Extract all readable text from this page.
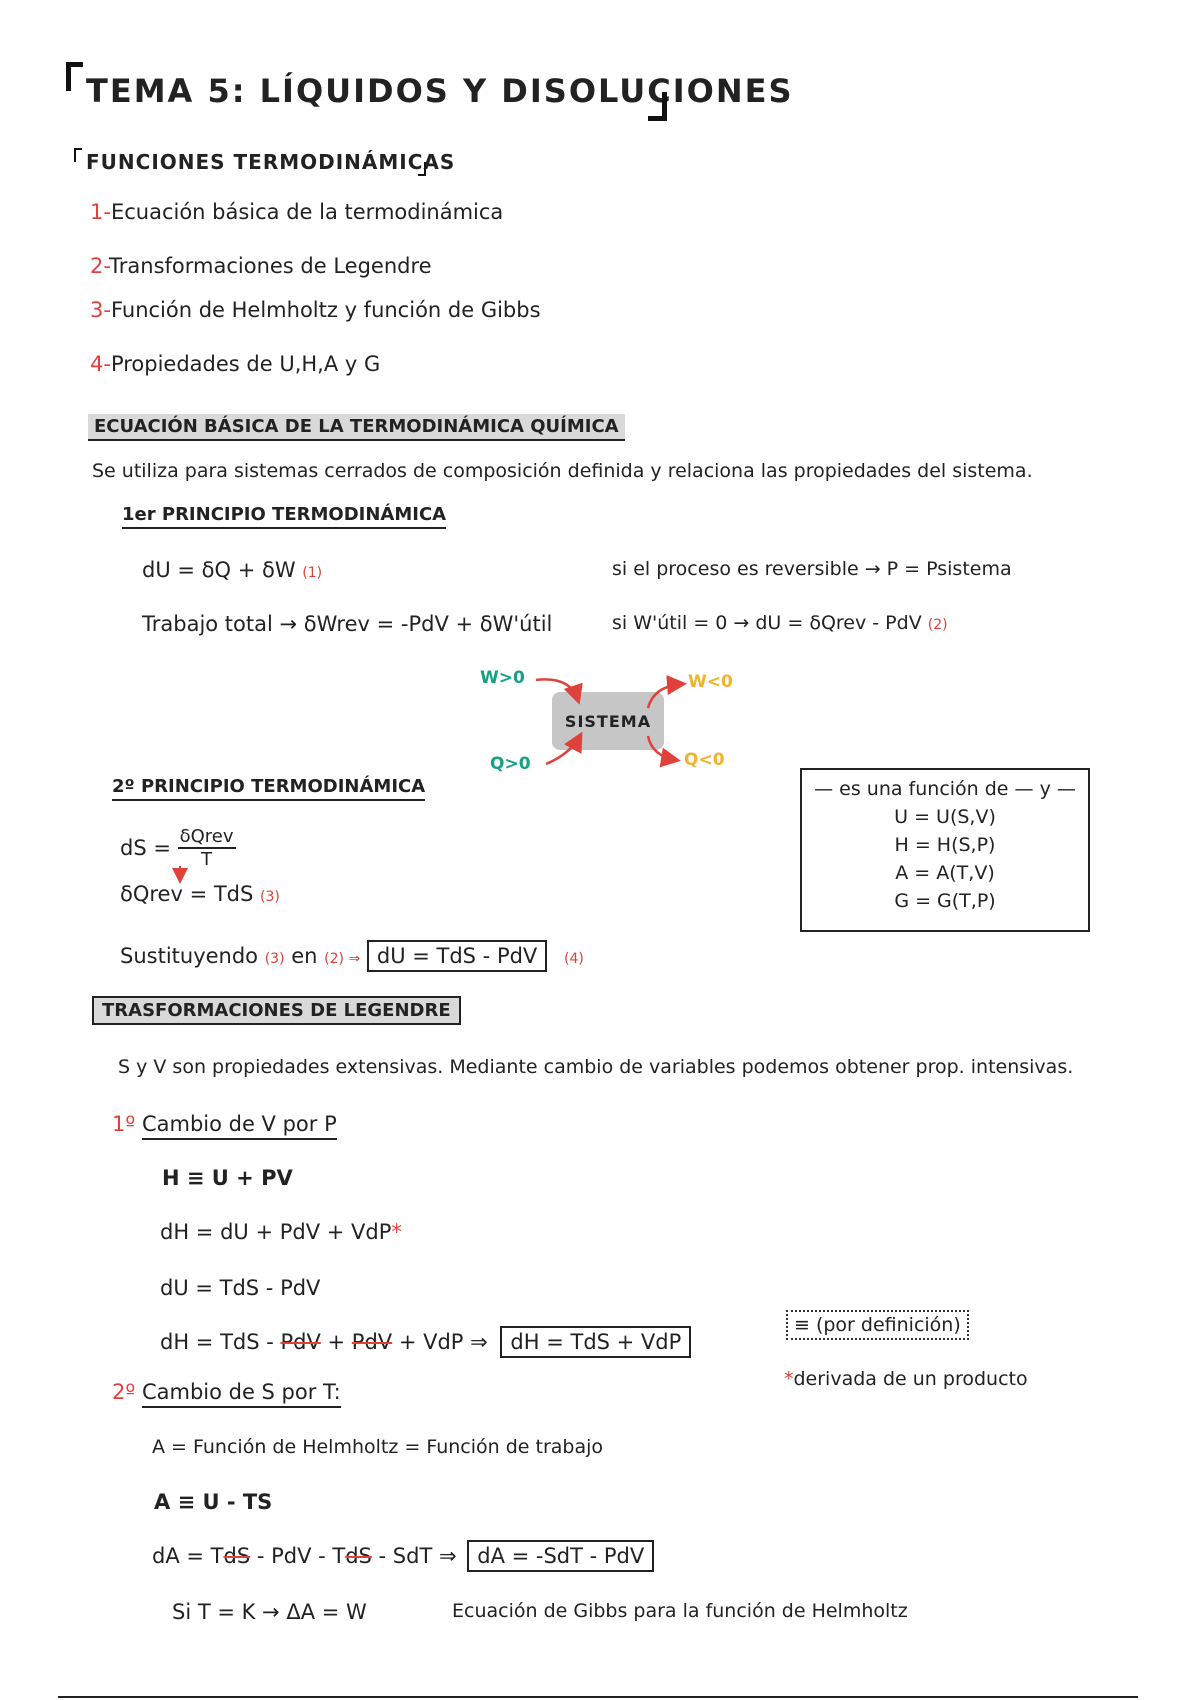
TEMA 5: LÍQUIDOS Y DISOLUCIONES
FUNCIONES TERMODINÁMICAS
1-Ecuación básica de la termodinámica
2-Transformaciones de Legendre
3-Función de Helmholtz y función de Gibbs
4-Propiedades de U,H,A y G
ECUACIÓN BÁSICA DE LA TERMODINÁMICA QUÍMICA
Se utiliza para sistemas cerrados de composición definida y relaciona las propiedades del sistema.
1er PRINCIPIO TERMODINÁMICA
dU = δQ + δW (1)	si el proceso es reversible → P = Psistema
Trabajo total → δWrev = -PdV + δW'útil	si W'útil = 0 → dU = δQrev - PdV (2)
W>0	W<0
Q>0	Q<0
SISTEMA
2º PRINCIPIO TERMODINÁMICA
dS = δQrev
T
δQrev = TdS (3)
Sustituyendo (3) en (2) ⇒ dU = TdS - PdV (4)
— es una función de — y —
U = U(S,V)
H = H(S,P)
A = A(T,V)
G = G(T,P)
TRASFORMACIONES DE LEGENDRE
S y V son propiedades extensivas. Mediante cambio de variables podemos obtener prop. intensivas.
1º Cambio de V por P
H ≡ U + PV
dH = dU + PdV + VdP*
dU = TdS - PdV
dH = TdS - PdV + PdV + VdP ⇒ dH = TdS + VdP
≡ (por definición)
*derivada de un producto
2º Cambio de S por T:
A = Función de Helmholtz = Función de trabajo
A ≡ U - TS
dA = TdS - PdV - TdS - SdT ⇒ dA = -SdT - PdV
Si T = K → ΔA = W	Ecuación de Gibbs para la función de Helmholtz
